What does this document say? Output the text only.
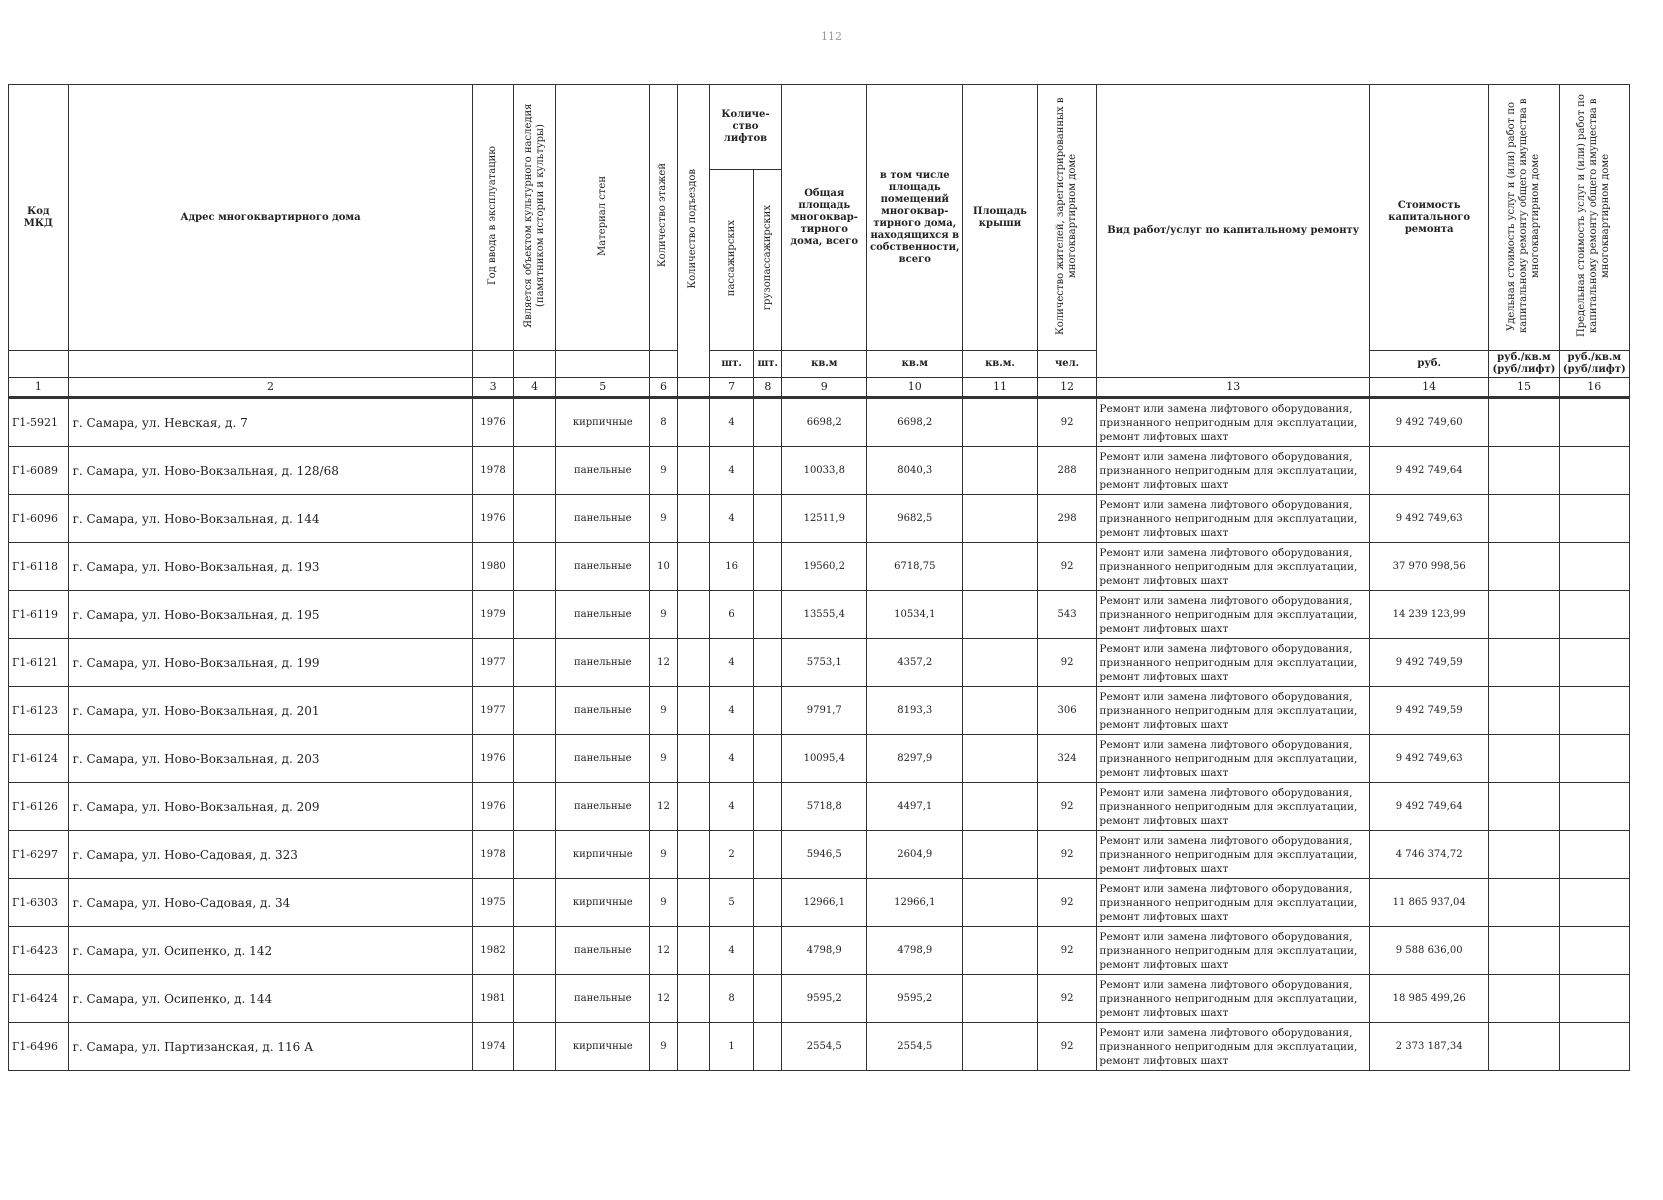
112
Код МКД	Адрес многоквартирного дома	Год ввода в эксплуатацию	Является объектом культурного наследия (памятником истории и культуры)	Материал стен	Количество этажей	Количество подъездов	Количе- ство лифтов		Общая площадь многоквар- тирного дома, всего	в том числе площадь помещений многоквар- тирного дома, находящихся в собственности, всего	Площадь крыши	Количество жителей, зарегистрированных в многоквартирном доме	Вид работ/услуг по капитальному ремонту	Стоимость капитального ремонта	Удельная стоимость услуг и (или) работ по капитальному ремонту общего имущества в многоквартирном доме	Предельная стоимость услуг и (или) работ по капитальному ремонту общего имущества в многоквартирном доме
							пассажирских	грузопассажирских								
							шт.	шт.	кв.м	кв.м	кв.м.	чел.		руб.	руб./кв.м (руб/лифт)	руб./кв.м (руб/лифт)
1	2	3	4	5	6		7	8	9	10	11	12	13	14	15	16
Г1-5921	г. Самара, ул. Невская, д. 7	1976		кирпичные	8		4		6698,2	6698,2		92	Ремонт или замена лифтового оборудования, признанного непригодным для эксплуатации, ремонт лифтовых шахт	9 492 749,60		
Г1-6089	г. Самара, ул. Ново-Вокзальная, д. 128/68	1978		панельные	9		4		10033,8	8040,3		288	Ремонт или замена лифтового оборудования, признанного непригодным для эксплуатации, ремонт лифтовых шахт	9 492 749,64		
Г1-6096	г. Самара, ул. Ново-Вокзальная, д. 144	1976		панельные	9		4		12511,9	9682,5		298	Ремонт или замена лифтового оборудования, признанного непригодным для эксплуатации, ремонт лифтовых шахт	9 492 749,63		
Г1-6118	г. Самара, ул. Ново-Вокзальная, д. 193	1980		панельные	10		16		19560,2	6718,75		92	Ремонт или замена лифтового оборудования, признанного непригодным для эксплуатации, ремонт лифтовых шахт	37 970 998,56		
Г1-6119	г. Самара, ул. Ново-Вокзальная, д. 195	1979		панельные	9		6		13555,4	10534,1		543	Ремонт или замена лифтового оборудования, признанного непригодным для эксплуатации, ремонт лифтовых шахт	14 239 123,99		
Г1-6121	г. Самара, ул. Ново-Вокзальная, д. 199	1977		панельные	12		4		5753,1	4357,2		92	Ремонт или замена лифтового оборудования, признанного непригодным для эксплуатации, ремонт лифтовых шахт	9 492 749,59		
Г1-6123	г. Самара, ул. Ново-Вокзальная, д. 201	1977		панельные	9		4		9791,7	8193,3		306	Ремонт или замена лифтового оборудования, признанного непригодным для эксплуатации, ремонт лифтовых шахт	9 492 749,59		
Г1-6124	г. Самара, ул. Ново-Вокзальная, д. 203	1976		панельные	9		4		10095,4	8297,9		324	Ремонт или замена лифтового оборудования, признанного непригодным для эксплуатации, ремонт лифтовых шахт	9 492 749,63		
Г1-6126	г. Самара, ул. Ново-Вокзальная, д. 209	1976		панельные	12		4		5718,8	4497,1		92	Ремонт или замена лифтового оборудования, признанного непригодным для эксплуатации, ремонт лифтовых шахт	9 492 749,64		
Г1-6297	г. Самара, ул. Ново-Садовая, д. 323	1978		кирпичные	9		2		5946,5	2604,9		92	Ремонт или замена лифтового оборудования, признанного непригодным для эксплуатации, ремонт лифтовых шахт	4 746 374,72		
Г1-6303	г. Самара, ул. Ново-Садовая, д. 34	1975		кирпичные	9		5		12966,1	12966,1		92	Ремонт или замена лифтового оборудования, признанного непригодным для эксплуатации, ремонт лифтовых шахт	11 865 937,04		
Г1-6423	г. Самара, ул. Осипенко, д. 142	1982		панельные	12		4		4798,9	4798,9		92	Ремонт или замена лифтового оборудования, признанного непригодным для эксплуатации, ремонт лифтовых шахт	9 588 636,00		
Г1-6424	г. Самара, ул. Осипенко, д. 144	1981		панельные	12		8		9595,2	9595,2		92	Ремонт или замена лифтового оборудования, признанного непригодным для эксплуатации, ремонт лифтовых шахт	18 985 499,26		
Г1-6496	г. Самара, ул. Партизанская, д. 116 А	1974		кирпичные	9		1		2554,5	2554,5		92	Ремонт или замена лифтового оборудования, признанного непригодным для эксплуатации, ремонт лифтовых шахт	2 373 187,34		
